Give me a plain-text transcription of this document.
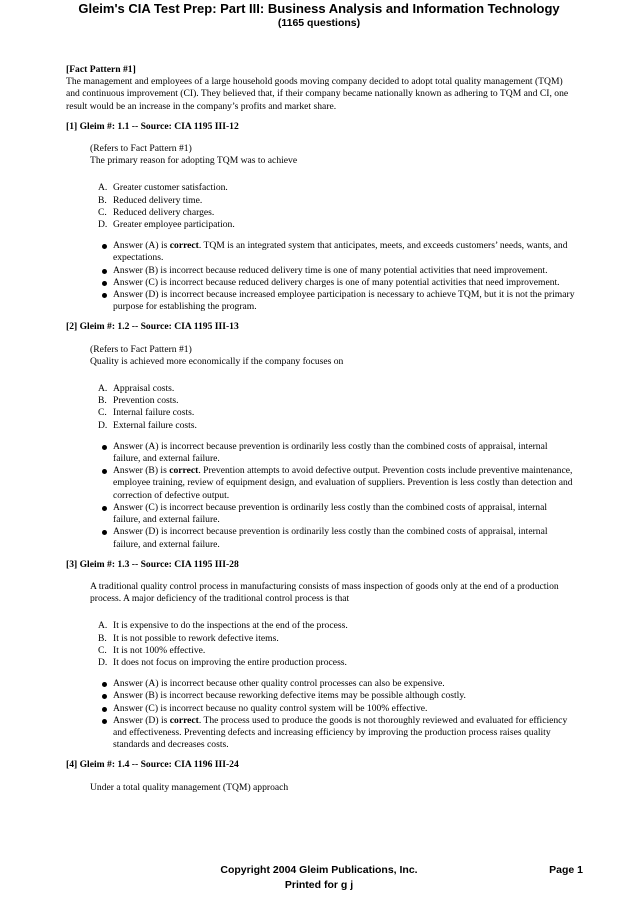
Gleim's CIA Test Prep: Part III: Business Analysis and Information Technology
(1165 questions)
[Fact Pattern #1]
The management and employees of a large household goods moving company decided to adopt total quality management (TQM) and continuous improvement (CI). They believed that, if their company became nationally known as adhering to TQM and CI, one result would be an increase in the company’s profits and market share.
[1] Gleim #: 1.1 -- Source: CIA 1195 III-12
(Refers to Fact Pattern #1)
The primary reason for adopting TQM was to achieve
A. Greater customer satisfaction.
B. Reduced delivery time.
C. Reduced delivery charges.
D. Greater employee participation.
Answer (A) is correct. TQM is an integrated system that anticipates, meets, and exceeds customers’ needs, wants, and expectations.
Answer (B) is incorrect because reduced delivery time is one of many potential activities that need improvement.
Answer (C) is incorrect because reduced delivery charges is one of many potential activities that need improvement.
Answer (D) is incorrect because increased employee participation is necessary to achieve TQM, but it is not the primary purpose for establishing the program.
[2] Gleim #: 1.2 -- Source: CIA 1195 III-13
(Refers to Fact Pattern #1)
Quality is achieved more economically if the company focuses on
A. Appraisal costs.
B. Prevention costs.
C. Internal failure costs.
D. External failure costs.
Answer (A) is incorrect because prevention is ordinarily less costly than the combined costs of appraisal, internal failure, and external failure.
Answer (B) is correct. Prevention attempts to avoid defective output. Prevention costs include preventive maintenance, employee training, review of equipment design, and evaluation of suppliers. Prevention is less costly than detection and correction of defective output.
Answer (C) is incorrect because prevention is ordinarily less costly than the combined costs of appraisal, internal failure, and external failure.
Answer (D) is incorrect because prevention is ordinarily less costly than the combined costs of appraisal, internal failure, and external failure.
[3] Gleim #: 1.3 -- Source: CIA 1195 III-28
A traditional quality control process in manufacturing consists of mass inspection of goods only at the end of a production process. A major deficiency of the traditional control process is that
A. It is expensive to do the inspections at the end of the process.
B. It is not possible to rework defective items.
C. It is not 100% effective.
D. It does not focus on improving the entire production process.
Answer (A) is incorrect because other quality control processes can also be expensive.
Answer (B) is incorrect because reworking defective items may be possible although costly.
Answer (C) is incorrect because no quality control system will be 100% effective.
Answer (D) is correct. The process used to produce the goods is not thoroughly reviewed and evaluated for efficiency and effectiveness. Preventing defects and increasing efficiency by improving the production process raises quality standards and decreases costs.
[4] Gleim #: 1.4 -- Source: CIA 1196 III-24
Under a total quality management (TQM) approach
Copyright 2004 Gleim Publications, Inc.
Printed for g j
Page 1
